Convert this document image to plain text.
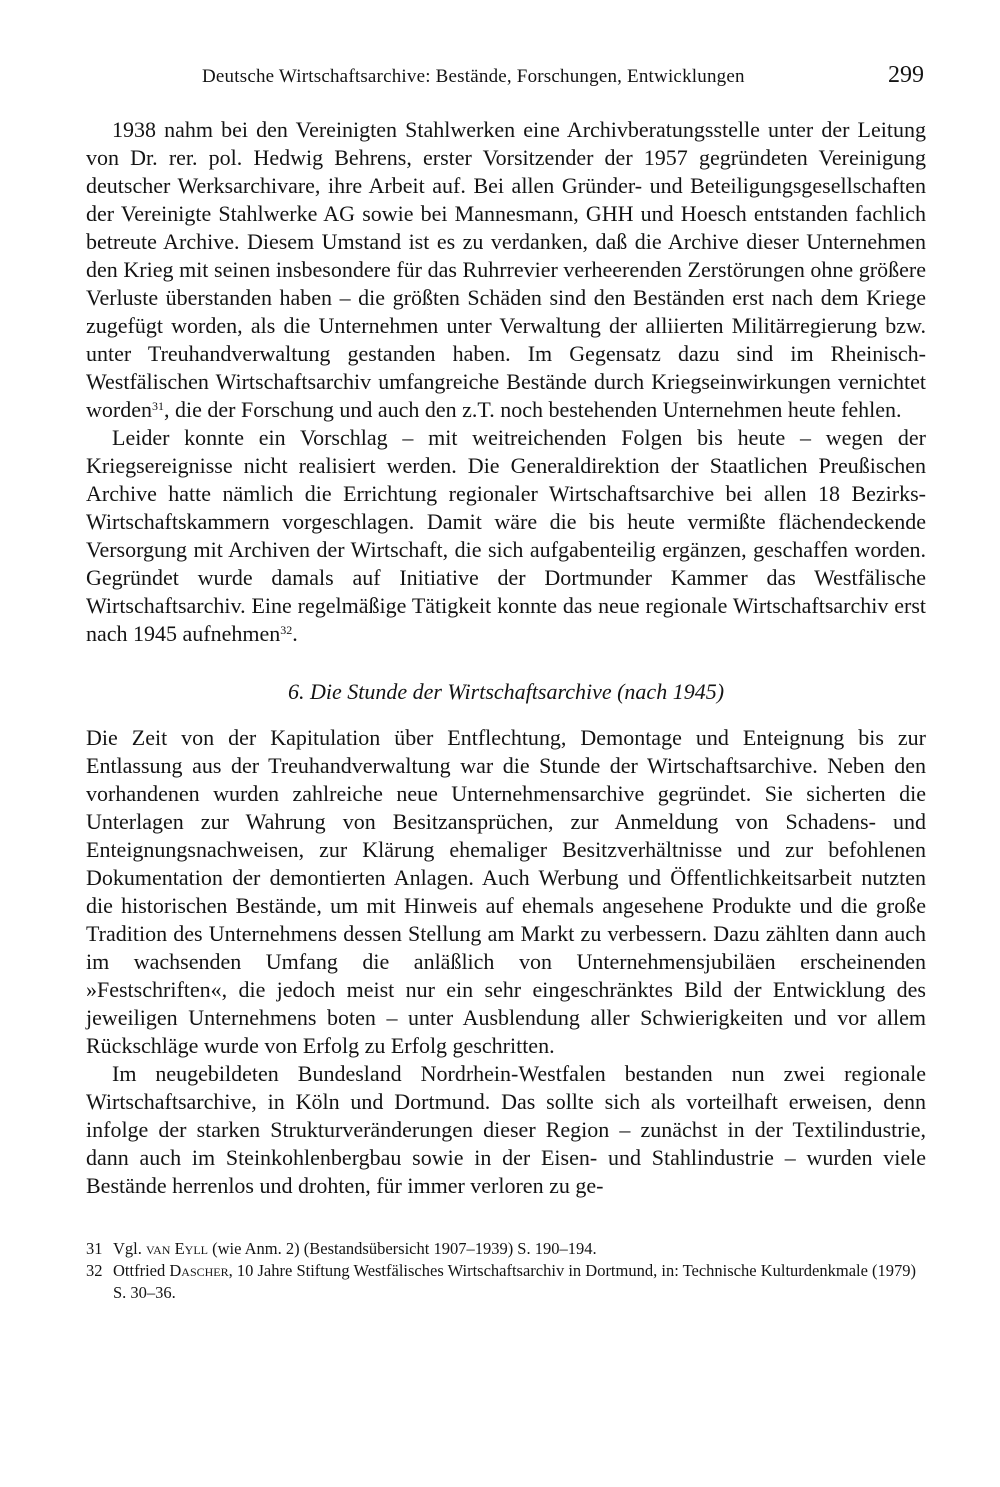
Deutsche Wirtschaftsarchive: Bestände, Forschungen, Entwicklungen	299

1938 nahm bei den Vereinigten Stahlwerken eine Archivberatungsstelle unter der Leitung von Dr. rer. pol. Hedwig Behrens, erster Vorsitzender der 1957 gegründeten Vereinigung deutscher Werksarchivare, ihre Arbeit auf. Bei allen Gründer- und Beteiligungsgesellschaften der Vereinigte Stahlwerke AG sowie bei Mannesmann, GHH und Hoesch entstanden fachlich betreute Archive. Diesem Umstand ist es zu verdanken, daß die Archive dieser Unternehmen den Krieg mit seinen insbesondere für das Ruhrrevier verheerenden Zerstörungen ohne größere Verluste überstanden haben – die größten Schäden sind den Beständen erst nach dem Kriege zugefügt worden, als die Unternehmen unter Verwaltung der alliierten Militärregierung bzw. unter Treuhandverwaltung gestanden haben. Im Gegensatz dazu sind im Rheinisch-Westfälischen Wirtschaftsarchiv umfangreiche Bestände durch Kriegseinwirkungen vernichtet worden$^{31}$, die der Forschung und auch den z.T. noch bestehenden Unternehmen heute fehlen.

Leider konnte ein Vorschlag – mit weitreichenden Folgen bis heute – wegen der Kriegsereignisse nicht realisiert werden. Die Generaldirektion der Staatlichen Preußischen Archive hatte nämlich die Errichtung regionaler Wirtschaftsarchive bei allen 18 Bezirks-Wirtschaftskammern vorgeschlagen. Damit wäre die bis heute vermißte flächendeckende Versorgung mit Archiven der Wirtschaft, die sich aufgabenteilig ergänzen, geschaffen worden. Gegründet wurde damals auf Initiative der Dortmunder Kammer das Westfälische Wirtschaftsarchiv. Eine regelmäßige Tätigkeit konnte das neue regionale Wirtschaftsarchiv erst nach 1945 aufnehmen$^{32}$.

6. Die Stunde der Wirtschaftsarchive (nach 1945)

Die Zeit von der Kapitulation über Entflechtung, Demontage und Enteignung bis zur Entlassung aus der Treuhandverwaltung war die Stunde der Wirtschaftsarchive. Neben den vorhandenen wurden zahlreiche neue Unternehmensarchive gegründet. Sie sicherten die Unterlagen zur Wahrung von Besitzansprüchen, zur Anmeldung von Schadens- und Enteignungsnachweisen, zur Klärung ehemaliger Besitzverhältnisse und zur befohlenen Dokumentation der demontierten Anlagen. Auch Werbung und Öffentlichkeitsarbeit nutzten die historischen Bestände, um mit Hinweis auf ehemals angesehene Produkte und die große Tradition des Unternehmens dessen Stellung am Markt zu verbessern. Dazu zählten dann auch im wachsenden Umfang die anläßlich von Unternehmensjubiläen erscheinenden »Festschriften«, die jedoch meist nur ein sehr eingeschränktes Bild der Entwicklung des jeweiligen Unternehmens boten – unter Ausblendung aller Schwierigkeiten und vor allem Rückschläge wurde von Erfolg zu Erfolg geschritten.

Im neugebildeten Bundesland Nordrhein-Westfalen bestanden nun zwei regionale Wirtschaftsarchive, in Köln und Dortmund. Das sollte sich als vorteilhaft erweisen, denn infolge der starken Strukturveränderungen dieser Region – zunächst in der Textilindustrie, dann auch im Steinkohlenbergbau sowie in der Eisen- und Stahlindustrie – wurden viele Bestände herrenlos und drohten, für immer verloren zu ge-

31 Vgl. van Eyll (wie Anm. 2) (Bestandsübersicht 1907–1939) S. 190–194.
32 Ottfried Dascher, 10 Jahre Stiftung Westfälisches Wirtschaftsarchiv in Dortmund, in: Technische Kulturdenkmale (1979) S. 30–36.
